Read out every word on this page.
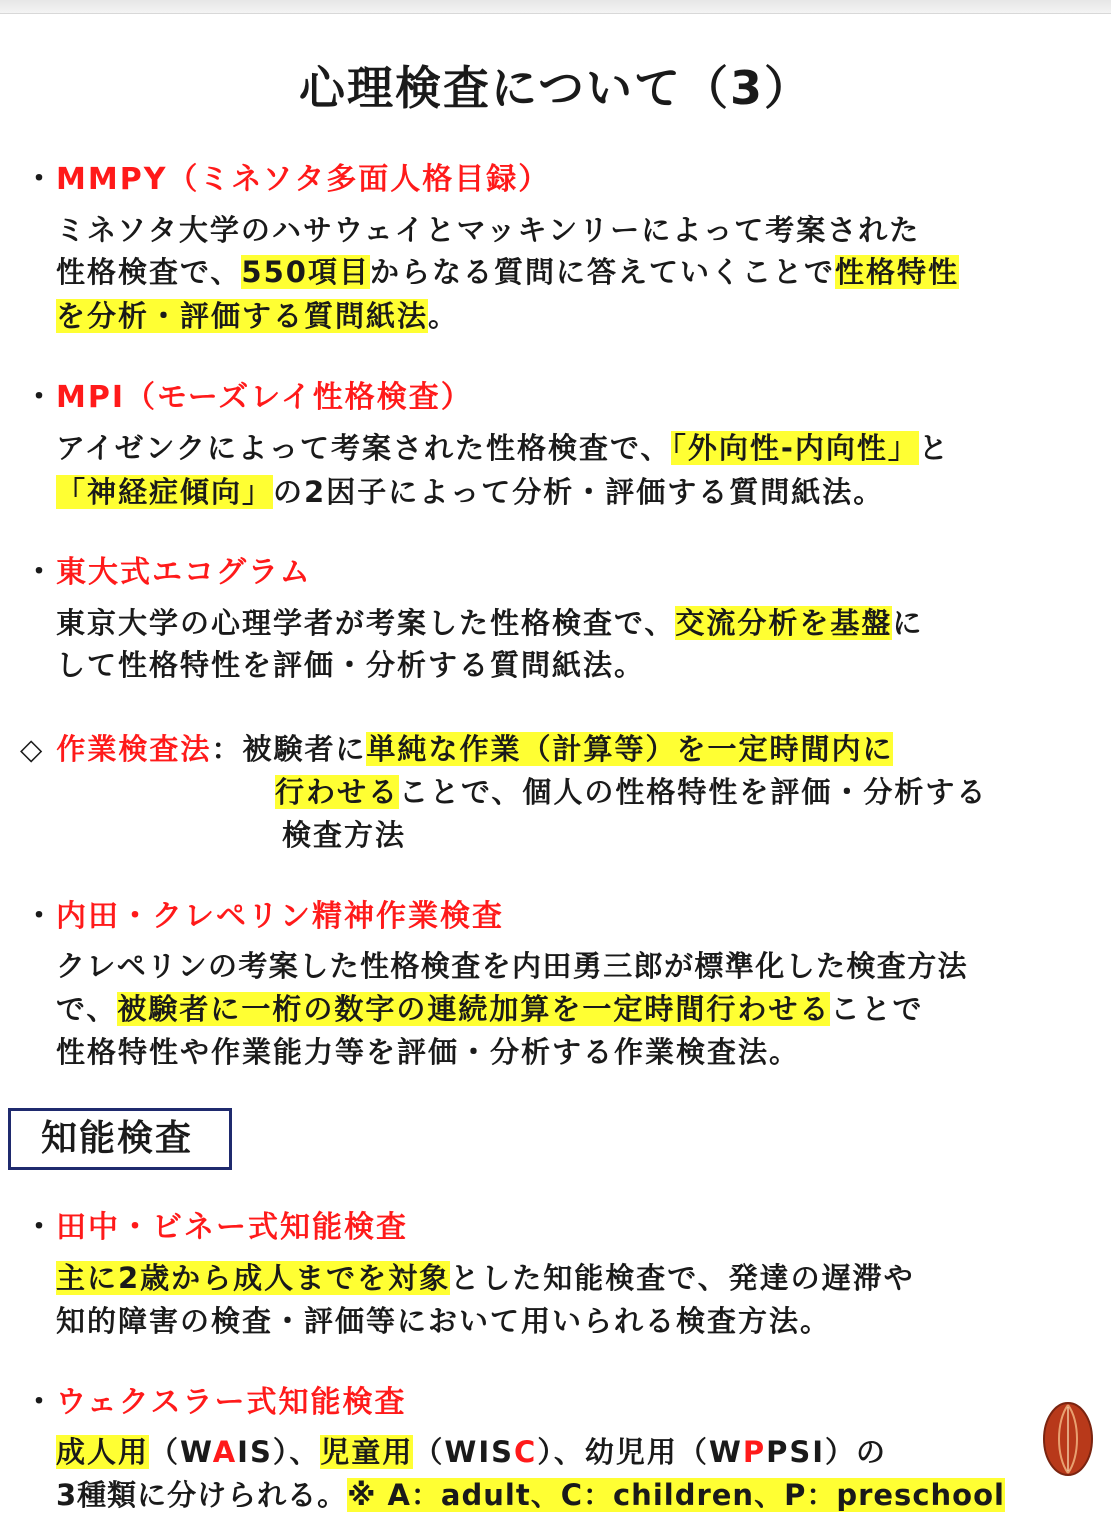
心理検査について（3）
・MMPY（ミネソタ多面人格目録）
ミネソタ大学のハサウェイとマッキンリーによって考案された
性格検査で、550項目からなる質問に答えていくことで性格特性
を分析・評価する質問紙法。
・MPI（モーズレイ性格検査）
アイゼンクによって考案された性格検査で、「外向性-内向性」と
「神経症傾向」の2因子によって分析・評価する質問紙法。
・東大式エコグラム
東京大学の心理学者が考案した性格検査で、交流分析を基盤に
して性格特性を評価・分析する質問紙法。
◇ 作業検査法：被験者に単純な作業（計算等）を一定時間内に
行わせることで、個人の性格特性を評価・分析する
検査方法
・内田・クレペリン精神作業検査
クレペリンの考案した性格検査を内田勇三郎が標準化した検査方法
で、被験者に一桁の数字の連続加算を一定時間行わせることで
性格特性や作業能力等を評価・分析する作業検査法。
知能検査
・田中・ビネー式知能検査
主に2歳から成人までを対象とした知能検査で、発達の遅滞や
知的障害の検査・評価等において用いられる検査方法。
・ウェクスラー式知能検査
成人用（WAIS）、児童用（WISC）、幼児用（WPPSI）の
3種類に分けられる。※ A：adult、C：children、P：preschool
